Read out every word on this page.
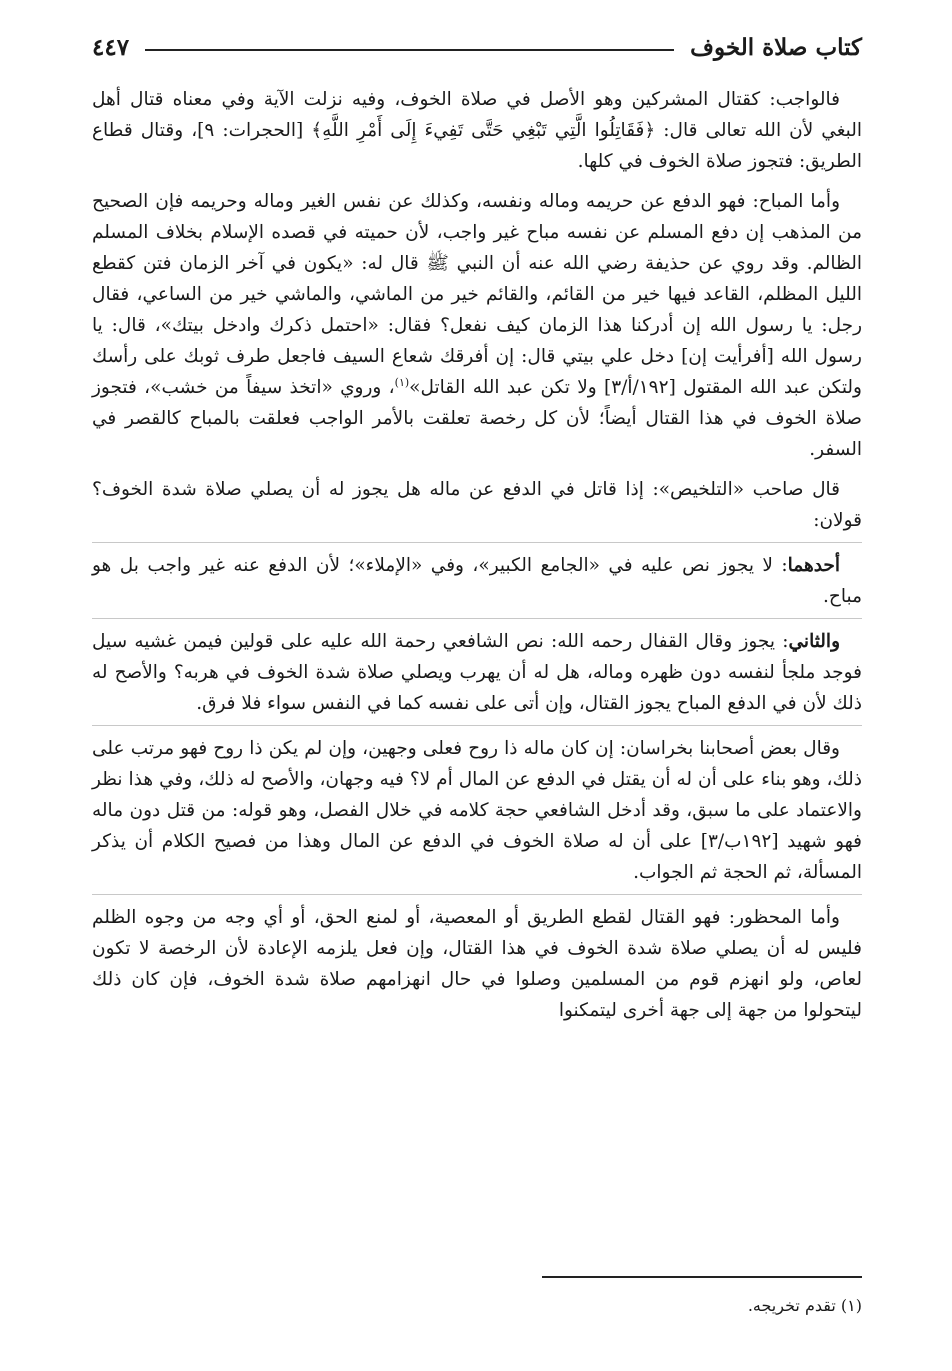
كتاب صلاة الخوف
٤٤٧

فالواجب: كقتال المشركين وهو الأصل في صلاة الخوف، وفيه نزلت الآية وفي معناه قتال أهل البغي لأن الله تعالى قال: ﴿فَقَاتِلُوا الَّتِي تَبْغِي حَتَّى تَفِيءَ إِلَى أَمْرِ اللَّهِ﴾ [الحجرات: ٩]، وقتال قطاع الطريق: فتجوز صلاة الخوف في كلها.

وأما المباح: فهو الدفع عن حريمه وماله ونفسه، وكذلك عن نفس الغير وماله وحريمه فإن الصحيح من المذهب إن دفع المسلم عن نفسه مباح غير واجب، لأن حميته في قصده الإسلام بخلاف المسلم الظالم. وقد روي عن حذيفة رضي الله عنه أن النبي ﷺ قال له: «يكون في آخر الزمان فتن كقطع الليل المظلم، القاعد فيها خير من القائم، والقائم خير من الماشي، والماشي خير من الساعي، فقال رجل: يا رسول الله إن أدركنا هذا الزمان كيف نفعل؟ فقال: «احتمل ذكرك وادخل بيتك»، قال: يا رسول الله [أفرأيت إن] دخل علي بيتي قال: إن أفرقك شعاع السيف فاجعل طرف ثوبك على رأسك ولتكن عبد الله المقتول [١٩٢/أ/٣] ولا تكن عبد الله القاتل»$^{(١)}$، وروي «اتخذ سيفاً من خشب»، فتجوز صلاة الخوف في هذا القتال أيضاً؛ لأن كل رخصة تعلقت بالأمر الواجب فعلقت بالمباح كالقصر في السفر.

قال صاحب «التلخيص»: إذا قاتل في الدفع عن ماله هل يجوز له أن يصلي صلاة شدة الخوف؟ قولان:

أحدهما: لا يجوز نص عليه في «الجامع الكبير»، وفي «الإملاء»؛ لأن الدفع عنه غير واجب بل هو مباح.

والثاني: يجوز وقال القفال رحمه الله: نص الشافعي رحمة الله عليه على قولين فيمن غشيه سيل فوجد ملجأ لنفسه دون ظهره وماله، هل له أن يهرب ويصلي صلاة شدة الخوف في هربه؟ والأصح له ذلك لأن في الدفع المباح يجوز القتال، وإن أتى على نفسه كما في النفس سواء فلا فرق.

وقال بعض أصحابنا بخراسان: إن كان ماله ذا روح فعلى وجهين، وإن لم يكن ذا روح فهو مرتب على ذلك، وهو بناء على أن له أن يقتل في الدفع عن المال أم لا؟ فيه وجهان، والأصح له ذلك، وفي هذا نظر والاعتماد على ما سبق، وقد أدخل الشافعي حجة كلامه في خلال الفصل، وهو قوله: من قتل دون ماله فهو شهيد [١٩٢ب/٣] على أن له صلاة الخوف في الدفع عن المال وهذا من فصيح الكلام أن يذكر المسألة، ثم الحجة ثم الجواب.

وأما المحظور: فهو القتال لقطع الطريق أو المعصية، أو لمنع الحق، أو أي وجه من وجوه الظلم فليس له أن يصلي صلاة شدة الخوف في هذا القتال، وإن فعل يلزمه الإعادة لأن الرخصة لا تكون لعاص، ولو انهزم قوم من المسلمين وصلوا في حال انهزامهم صلاة شدة الخوف، فإن كان ذلك ليتحولوا من جهة إلى جهة أخرى ليتمكنوا

(١) تقدم تخريجه.
